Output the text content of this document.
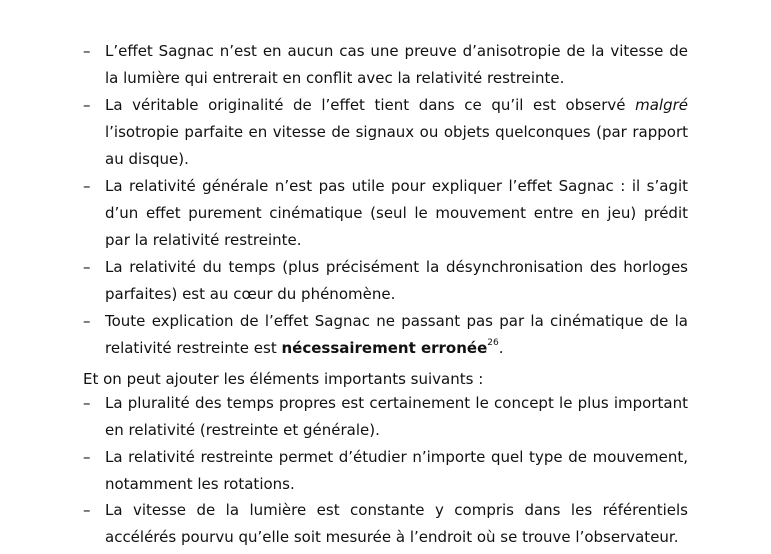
– L’effet Sagnac n’est en aucun cas une preuve d’anisotropie de la vitesse de la lumière qui entrerait en conflit avec la relativité restreinte.
– La véritable originalité de l’effet tient dans ce qu’il est observé malgré l’isotropie parfaite en vitesse de signaux ou objets quelconques (par rapport au disque).
– La relativité générale n’est pas utile pour expliquer l’effet Sagnac : il s’agit d’un effet purement cinématique (seul le mouvement entre en jeu) prédit par la relativité restreinte.
– La relativité du temps (plus précisément la désynchronisation des horloges parfaites) est au cœur du phénomène.
– Toute explication de l’effet Sagnac ne passant pas par la cinématique de la relativité restreinte est nécessairement erronée$^{26}$.
Et on peut ajouter les éléments importants suivants :
– La pluralité des temps propres est certainement le concept le plus important en relativité (restreinte et générale).
– La relativité restreinte permet d’étudier n’importe quel type de mouvement, notamment les rotations.
– La vitesse de la lumière est constante y compris dans les référentiels accélérés pourvu qu’elle soit mesurée à l’endroit où se trouve l’observateur.
